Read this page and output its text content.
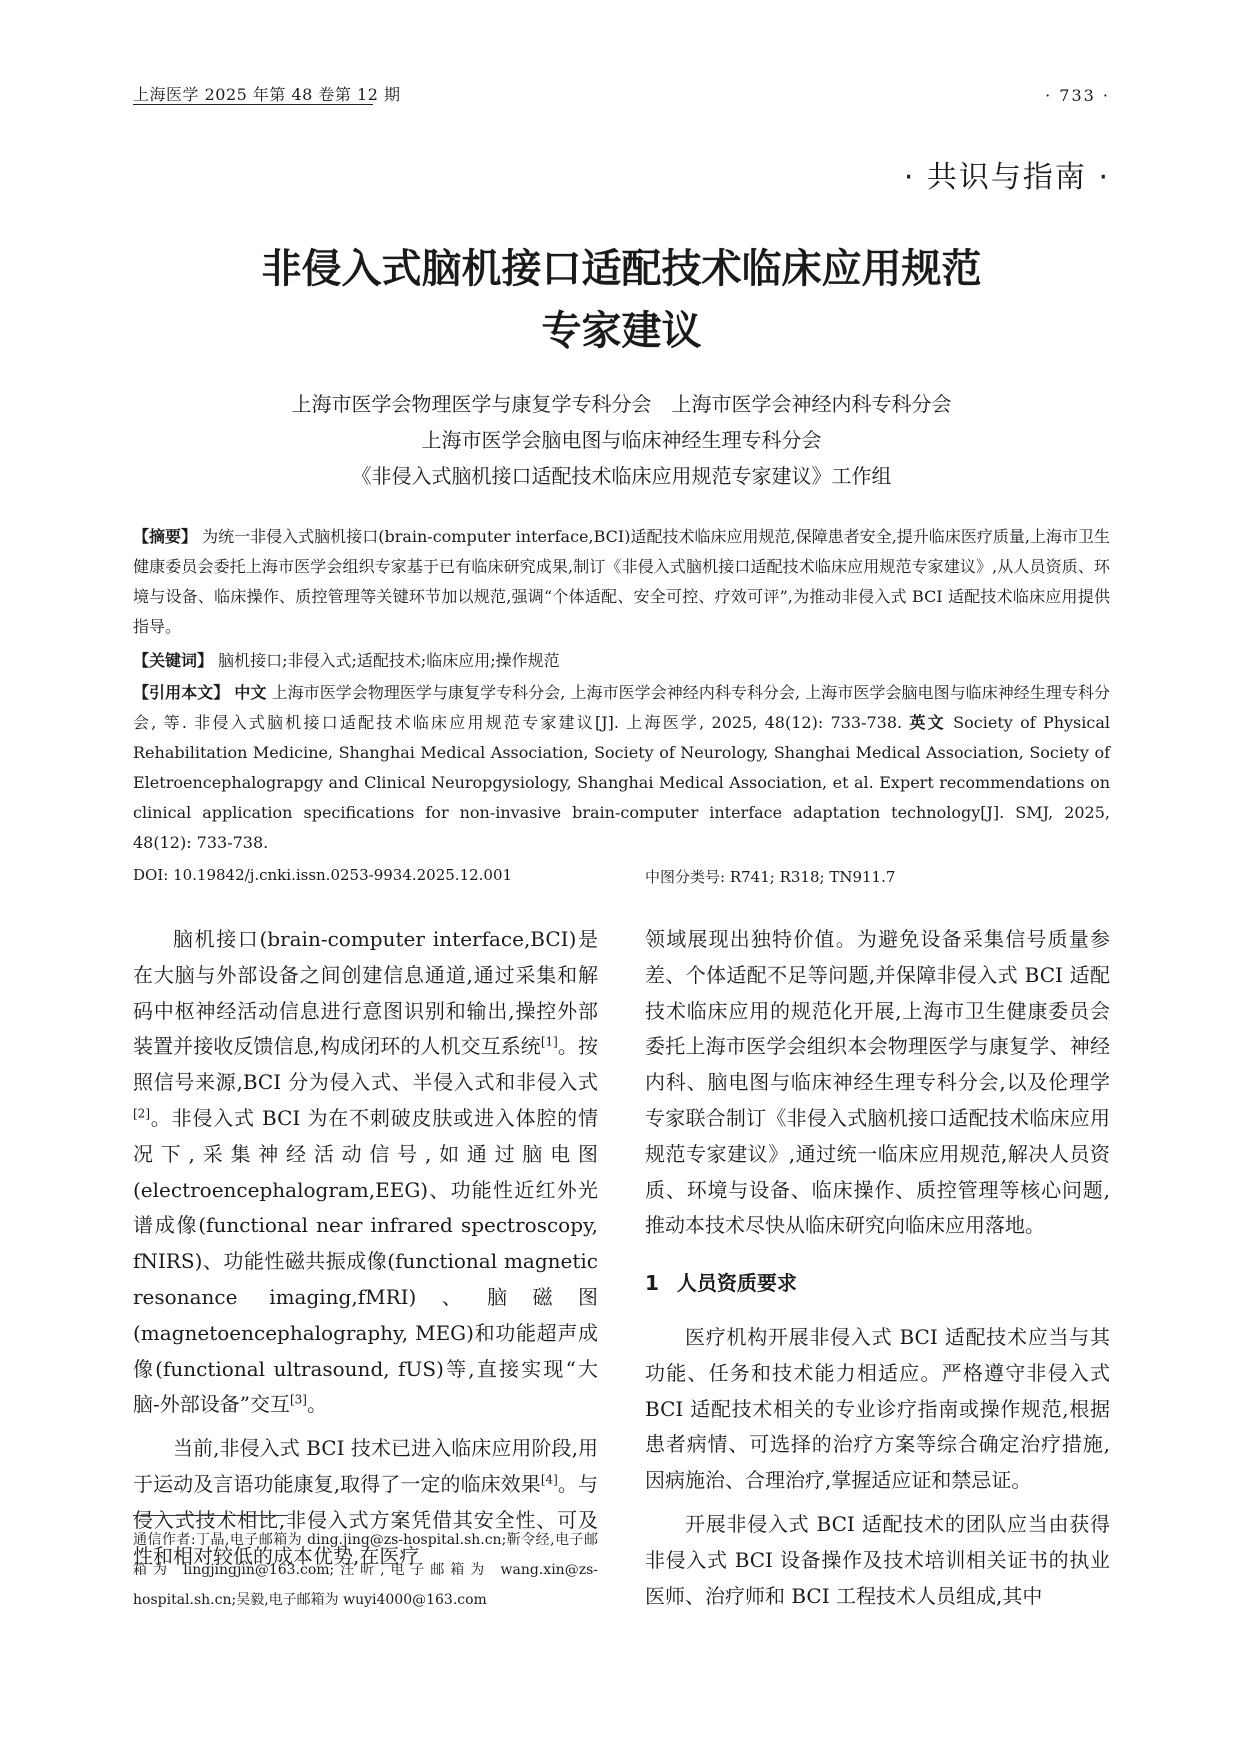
上海医学 2025 年第 48 卷第 12 期	· 733 ·
· 共识与指南 ·
非侵入式脑机接口适配技术临床应用规范
专家建议
上海市医学会物理医学与康复学专科分会　上海市医学会神经内科专科分会
上海市医学会脑电图与临床神经生理专科分会
《非侵入式脑机接口适配技术临床应用规范专家建议》工作组
【摘要】 为统一非侵入式脑机接口(brain-computer interface,BCI)适配技术临床应用规范,保障患者安全,提升临床医疗质量,上海市卫生健康委员会委托上海市医学会组织专家基于已有临床研究成果,制订《非侵入式脑机接口适配技术临床应用规范专家建议》,从人员资质、环境与设备、临床操作、质控管理等关键环节加以规范,强调“个体适配、安全可控、疗效可评”,为推动非侵入式 BCI 适配技术临床应用提供指导。
【关键词】 脑机接口;非侵入式;适配技术;临床应用;操作规范
【引用本文】 中文 上海市医学会物理医学与康复学专科分会, 上海市医学会神经内科专科分会, 上海市医学会脑电图与临床神经生理专科分会, 等. 非侵入式脑机接口适配技术临床应用规范专家建议[J]. 上海医学, 2025, 48(12): 733-738. 英文 Society of Physical Rehabilitation Medicine, Shanghai Medical Association, Society of Neurology, Shanghai Medical Association, Society of Eletroencephalograpgy and Clinical Neuropgysiology, Shanghai Medical Association, et al. Expert recommendations on clinical application specifications for non-invasive brain-computer interface adaptation technology[J]. SMJ, 2025, 48(12): 733-738.
DOI: 10.19842/j.cnki.issn.0253-9934.2025.12.001	中图分类号: R741; R318; TN911.7

脑机接口(brain-computer interface,BCI)是在大脑与外部设备之间创建信息通道,通过采集和解码中枢神经活动信息进行意图识别和输出,操控外部装置并接收反馈信息,构成闭环的人机交互系统[1]。按照信号来源,BCI 分为侵入式、半侵入式和非侵入式[2]。非侵入式 BCI 为在不刺破皮肤或进入体腔的情况下,采集神经活动信号,如通过脑电图(electroencephalogram,EEG)、功能性近红外光谱成像(functional near infrared spectroscopy, fNIRS)、功能性磁共振成像(functional magnetic resonance imaging,fMRI)、脑磁图(magnetoencephalography, MEG)和功能超声成像(functional ultrasound, fUS)等,直接实现“大脑-外部设备”交互[3]。

当前,非侵入式 BCI 技术已进入临床应用阶段,用于运动及言语功能康复,取得了一定的临床效果[4]。与侵入式技术相比,非侵入式方案凭借其安全性、可及性和相对较低的成本优势,在医疗

通信作者:丁晶,电子邮箱为 ding.jing@zs-hospital.sh.cn;靳令经,电子邮箱为 lingjingjin@163.com;汪昕,电子邮箱为 wang.xin@zs-hospital.sh.cn;吴毅,电子邮箱为 wuyi4000@163.com

领域展现出独特价值。为避免设备采集信号质量参差、个体适配不足等问题,并保障非侵入式 BCI 适配技术临床应用的规范化开展,上海市卫生健康委员会委托上海市医学会组织本会物理医学与康复学、神经内科、脑电图与临床神经生理专科分会,以及伦理学专家联合制订《非侵入式脑机接口适配技术临床应用规范专家建议》,通过统一临床应用规范,解决人员资质、环境与设备、临床操作、质控管理等核心问题,推动本技术尽快从临床研究向临床应用落地。

1 人员资质要求

医疗机构开展非侵入式 BCI 适配技术应当与其功能、任务和技术能力相适应。严格遵守非侵入式 BCI 适配技术相关的专业诊疗指南或操作规范,根据患者病情、可选择的治疗方案等综合确定治疗措施,因病施治、合理治疗,掌握适应证和禁忌证。

开展非侵入式 BCI 适配技术的团队应当由获得非侵入式 BCI 设备操作及技术培训相关证书的执业医师、治疗师和 BCI 工程技术人员组成,其中
